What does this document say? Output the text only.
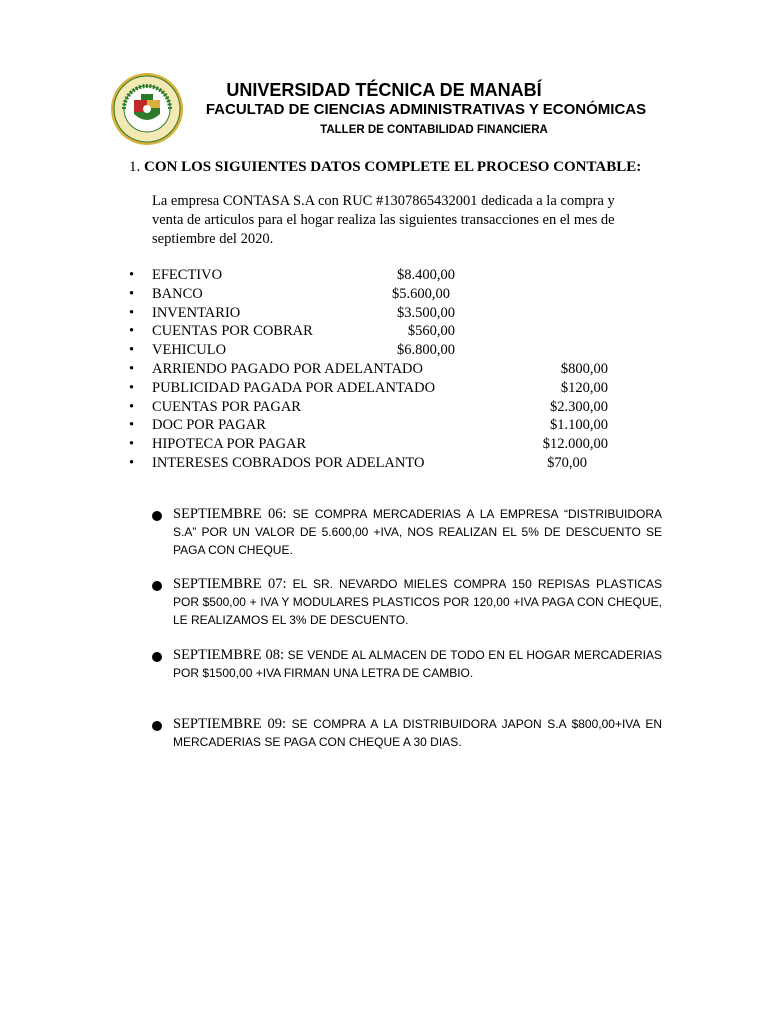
UNIVERSIDAD TÉCNICA DE MANABÍ
FACULTAD DE CIENCIAS ADMINISTRATIVAS Y ECONÓMICAS
TALLER DE CONTABILIDAD FINANCIERA
1. CON LOS SIGUIENTES DATOS COMPLETE EL PROCESO CONTABLE:
La empresa CONTASA S.A con RUC #1307865432001 dedicada a la compra y venta de articulos para el hogar realiza las siguientes transacciones en el mes de septiembre del 2020.
• EFECTIVO	$8.400,00
• BANCO	$5.600,00
• INVENTARIO	$3.500,00
• CUENTAS POR COBRAR	$560,00
• VEHICULO	$6.800,00
• ARRIENDO PAGADO POR ADELANTADO	$800,00
• PUBLICIDAD PAGADA POR ADELANTADO	$120,00
• CUENTAS POR PAGAR	$2.300,00
• DOC POR PAGAR	$1.100,00
• HIPOTECA POR PAGAR	$12.000,00
• INTERESES COBRADOS POR ADELANTO	$70,00
SEPTIEMBRE 06: SE COMPRA MERCADERIAS A LA EMPRESA “DISTRIBUIDORA S.A” POR UN VALOR DE 5.600,00 +IVA, NOS REALIZAN EL 5% DE DESCUENTO SE PAGA CON CHEQUE.
SEPTIEMBRE 07: EL SR. NEVARDO MIELES COMPRA 150 REPISAS PLASTICAS POR $500,00 + IVA Y MODULARES PLASTICOS POR 120,00 +IVA PAGA CON CHEQUE, LE REALIZAMOS EL 3% DE DESCUENTO.
SEPTIEMBRE 08: SE VENDE AL ALMACEN DE TODO EN EL HOGAR MERCADERIAS POR $1500,00 +IVA FIRMAN UNA LETRA DE CAMBIO.
SEPTIEMBRE 09: SE COMPRA A LA DISTRIBUIDORA JAPON S.A $800,00+IVA EN MERCADERIAS SE PAGA CON CHEQUE A 30 DIAS.
